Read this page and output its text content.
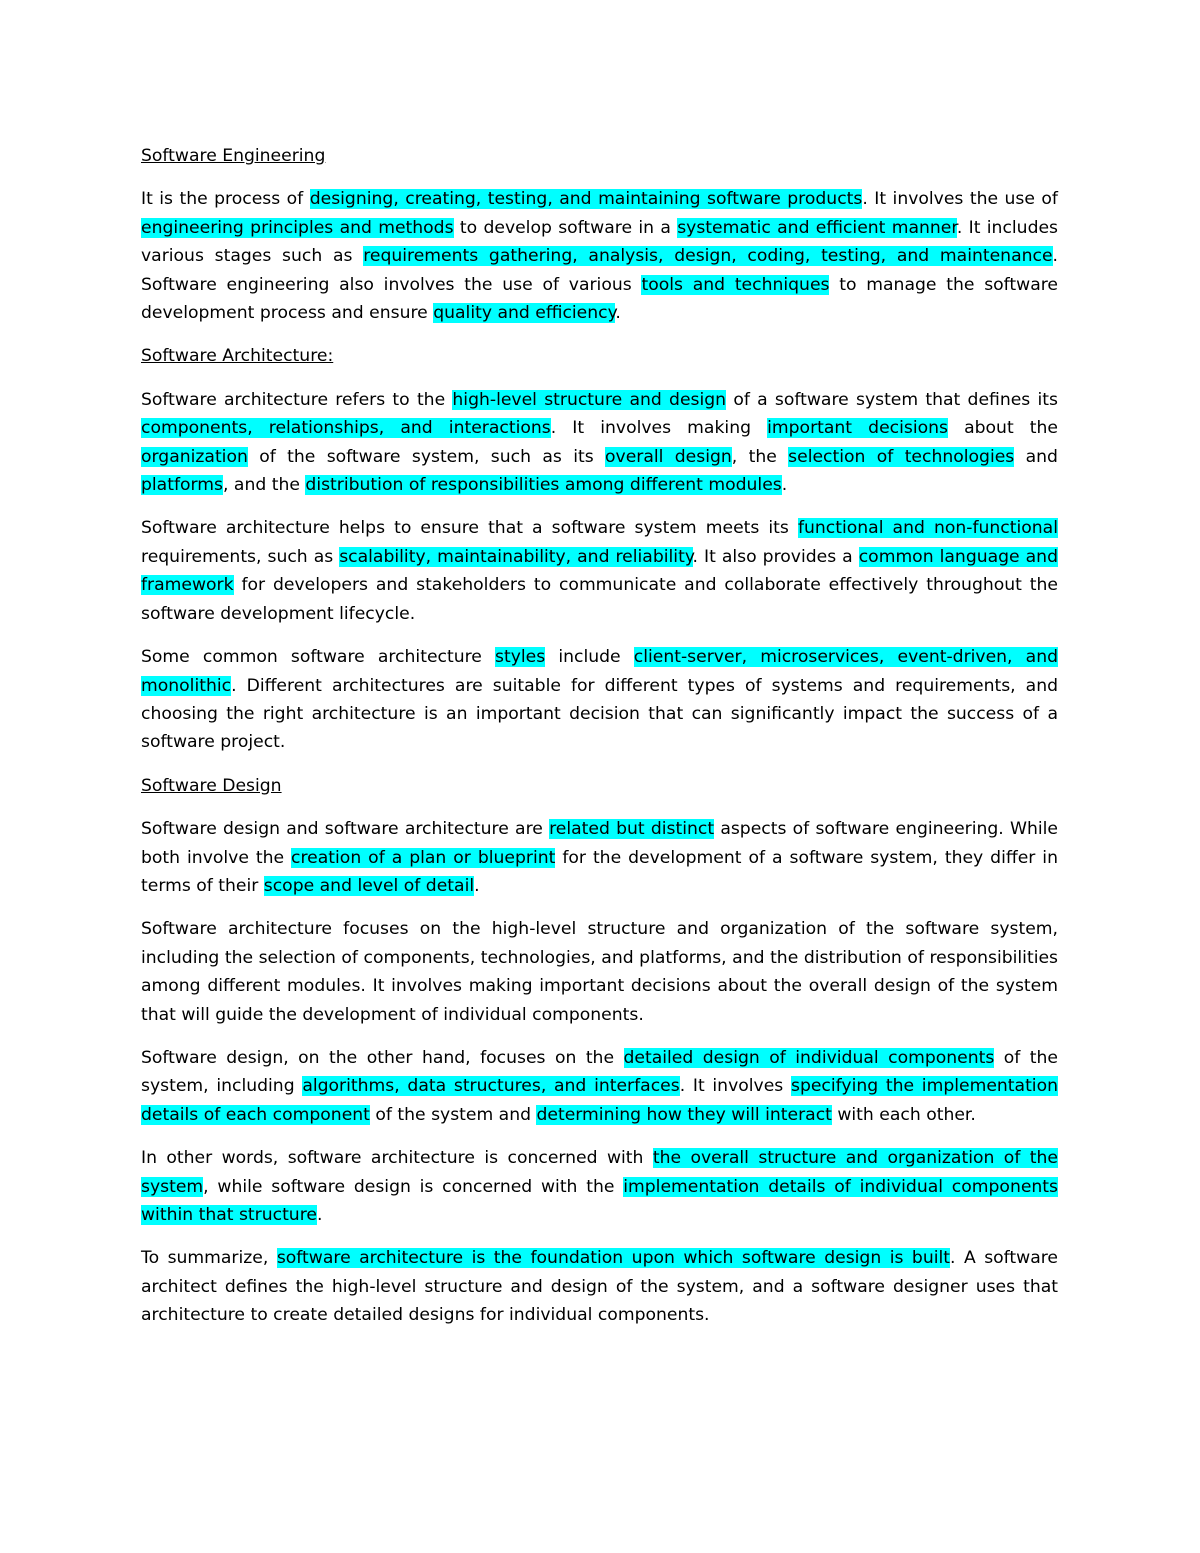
Software Engineering
It is the process of designing, creating, testing, and maintaining software products. It involves the use of engineering principles and methods to develop software in a systematic and efficient manner. It includes various stages such as requirements gathering, analysis, design, coding, testing, and maintenance. Software engineering also involves the use of various tools and techniques to manage the software development process and ensure quality and efficiency.
Software Architecture:
Software architecture refers to the high-level structure and design of a software system that defines its components, relationships, and interactions. It involves making important decisions about the organization of the software system, such as its overall design, the selection of technologies and platforms, and the distribution of responsibilities among different modules.
Software architecture helps to ensure that a software system meets its functional and non-functional requirements, such as scalability, maintainability, and reliability. It also provides a common language and framework for developers and stakeholders to communicate and collaborate effectively throughout the software development lifecycle.
Some common software architecture styles include client-server, microservices, event-driven, and monolithic. Different architectures are suitable for different types of systems and requirements, and choosing the right architecture is an important decision that can significantly impact the success of a software project.
Software Design
Software design and software architecture are related but distinct aspects of software engineering. While both involve the creation of a plan or blueprint for the development of a software system, they differ in terms of their scope and level of detail.
Software architecture focuses on the high-level structure and organization of the software system, including the selection of components, technologies, and platforms, and the distribution of responsibilities among different modules. It involves making important decisions about the overall design of the system that will guide the development of individual components.
Software design, on the other hand, focuses on the detailed design of individual components of the system, including algorithms, data structures, and interfaces. It involves specifying the implementation details of each component of the system and determining how they will interact with each other.
In other words, software architecture is concerned with the overall structure and organization of the system, while software design is concerned with the implementation details of individual components within that structure.
To summarize, software architecture is the foundation upon which software design is built. A software architect defines the high-level structure and design of the system, and a software designer uses that architecture to create detailed designs for individual components.
